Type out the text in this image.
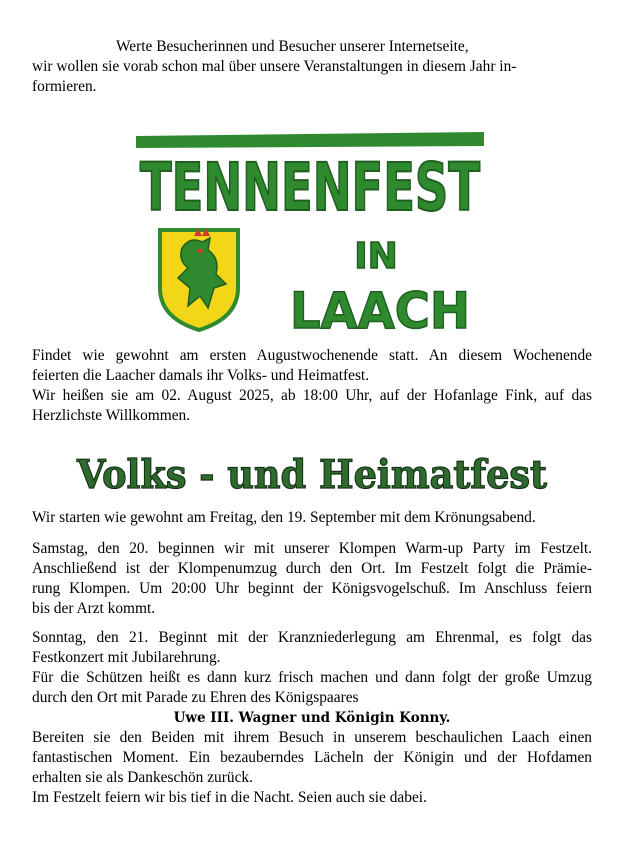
Werte Besucherinnen und Besucher unserer Internetseite,
wir wollen sie vorab schon mal über unsere Veranstaltungen in diesem Jahr in-
formieren.
TENNENFEST
IN
LAACH
Findet wie gewohnt am ersten Augustwochenende statt. An diesem Wochenende
feierten die Laacher damals ihr Volks- und Heimatfest.
Wir heißen sie am 02. August 2025, ab 18:00 Uhr, auf der Hofanlage Fink, auf das
Herzlichste Willkommen.
Volks - und Heimatfest
Wir starten wie gewohnt am Freitag, den 19. September mit dem Krönungsabend.
Samstag, den 20. beginnen wir mit unserer Klompen Warm-up Party im Festzelt.
Anschließend ist der Klompenumzug durch den Ort. Im Festzelt folgt die Prämie-
rung Klompen. Um 20:00 Uhr beginnt der Königsvogelschuß. Im Anschluss feiern
bis der Arzt kommt.
Sonntag, den 21. Beginnt mit der Kranzniederlegung am Ehrenmal, es folgt das
Festkonzert mit Jubilarehrung.
Für die Schützen heißt es dann kurz frisch machen und dann folgt der große Umzug
durch den Ort mit Parade zu Ehren des Königspaares
Uwe III. Wagner und Königin Konny.
Bereiten sie den Beiden mit ihrem Besuch in unserem beschaulichen Laach einen
fantastischen Moment. Ein bezauberndes Lächeln der Königin und der Hofdamen
erhalten sie als Dankeschön zurück.
Im Festzelt feiern wir bis tief in die Nacht. Seien auch sie dabei.
